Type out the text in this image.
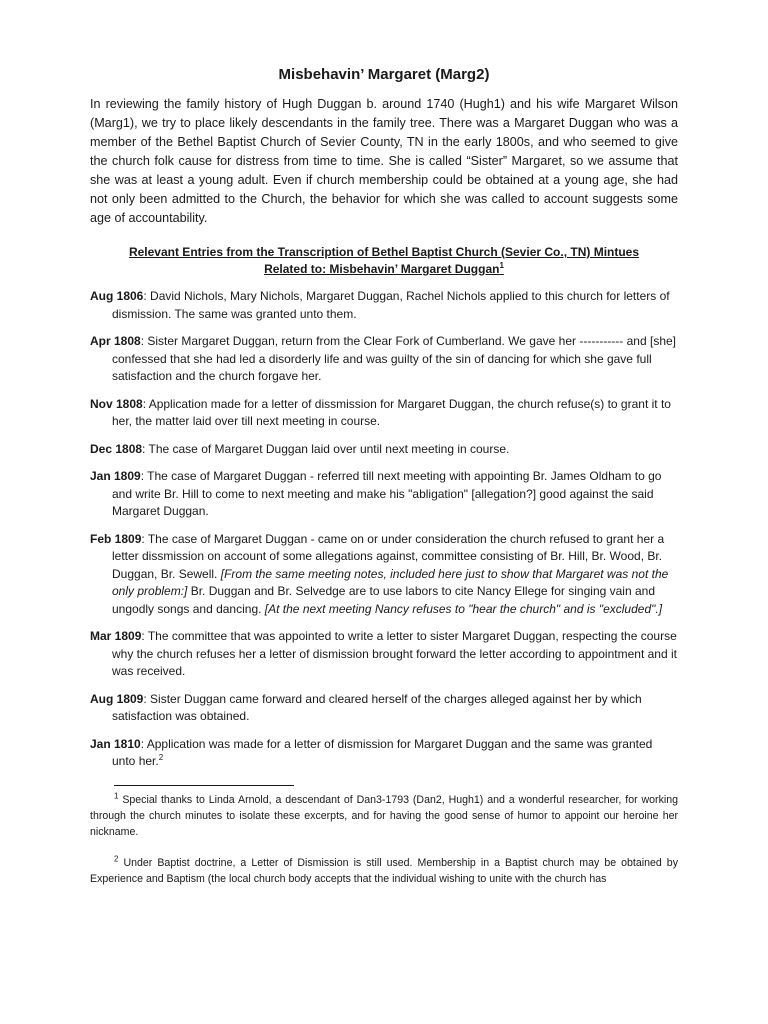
Misbehavin’ Margaret (Marg2)

In reviewing the family history of Hugh Duggan b. around 1740 (Hugh1) and his wife Margaret Wilson (Marg1), we try to place likely descendants in the family tree. There was a Margaret Duggan who was a member of the Bethel Baptist Church of Sevier County, TN in the early 1800s, and who seemed to give the church folk cause for distress from time to time. She is called “Sister” Margaret, so we assume that she was at least a young adult. Even if church membership could be obtained at a young age, she had not only been admitted to the Church, the behavior for which she was called to account suggests some age of accountability.

Relevant Entries from the Transcription of Bethel Baptist Church (Sevier Co., TN) Mintues
Related to: Misbehavin’ Margaret Duggan$^1$

Aug 1806: David Nichols, Mary Nichols, Margaret Duggan, Rachel Nichols applied to this church for letters of dismission. The same was granted unto them.

Apr 1808: Sister Margaret Duggan, return from the Clear Fork of Cumberland. We gave her ----------- and [she] confessed that she had led a disorderly life and was guilty of the sin of dancing for which she gave full satisfaction and the church forgave her.

Nov 1808: Application made for a letter of dissmission for Margaret Duggan, the church refuse(s) to grant it to her, the matter laid over till next meeting in course.

Dec 1808: The case of Margaret Duggan laid over until next meeting in course.

Jan 1809: The case of Margaret Duggan - referred till next meeting with appointing Br. James Oldham to go and write Br. Hill to come to next meeting and make his "abligation" [allegation?] good against the said Margaret Duggan.

Feb 1809: The case of Margaret Duggan - came on or under consideration the church refused to grant her a letter dissmission on account of some allegations against, committee consisting of Br. Hill, Br. Wood, Br. Duggan, Br. Sewell. [From the same meeting notes, included here just to show that Margaret was not the only problem:] Br. Duggan and Br. Selvedge are to use labors to cite Nancy Ellege for singing vain and ungodly songs and dancing. [At the next meeting Nancy refuses to "hear the church" and is "excluded".]

Mar 1809: The committee that was appointed to write a letter to sister Margaret Duggan, respecting the course why the church refuses her a letter of dismission brought forward the letter according to appointment and it was received.

Aug 1809: Sister Duggan came forward and cleared herself of the charges alleged against her by which satisfaction was obtained.

Jan 1810: Application was made for a letter of dismission for Margaret Duggan and the same was granted unto her.$^2$

$^1$ Special thanks to Linda Arnold, a descendant of Dan3-1793 (Dan2, Hugh1) and a wonderful researcher, for working through the church minutes to isolate these excerpts, and for having the good sense of humor to appoint our heroine her nickname.

$^2$ Under Baptist doctrine, a Letter of Dismission is still used. Membership in a Baptist church may be obtained by Experience and Baptism (the local church body accepts that the individual wishing to unite with the church has
